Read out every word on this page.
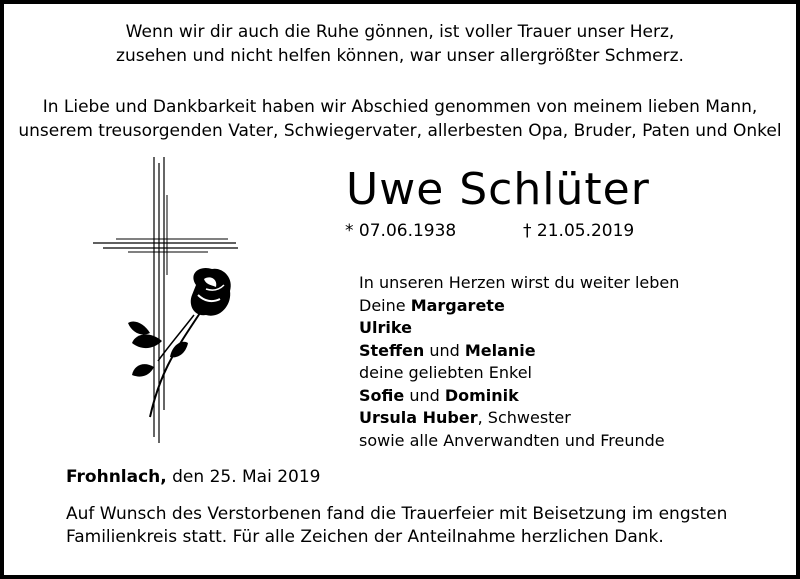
Wenn wir dir auch die Ruhe gönnen, ist voller Trauer unser Herz,
zusehen und nicht helfen können, war unser allergrößter Schmerz.
In Liebe und Dankbarkeit haben wir Abschied genommen von meinem lieben Mann,
unserem treusorgenden Vater, Schwiegervater, allerbesten Opa, Bruder, Paten und Onkel
Uwe Schlüter
* 07.06.1938	† 21.05.2019
In unseren Herzen wirst du weiter leben
Deine Margarete
Ulrike
Steffen und Melanie
deine geliebten Enkel
Sofie und Dominik
Ursula Huber, Schwester
sowie alle Anverwandten und Freunde
Frohnlach, den 25. Mai 2019
Auf Wunsch des Verstorbenen fand die Trauerfeier mit Beisetzung im engsten
Familienkreis statt. Für alle Zeichen der Anteilnahme herzlichen Dank.
